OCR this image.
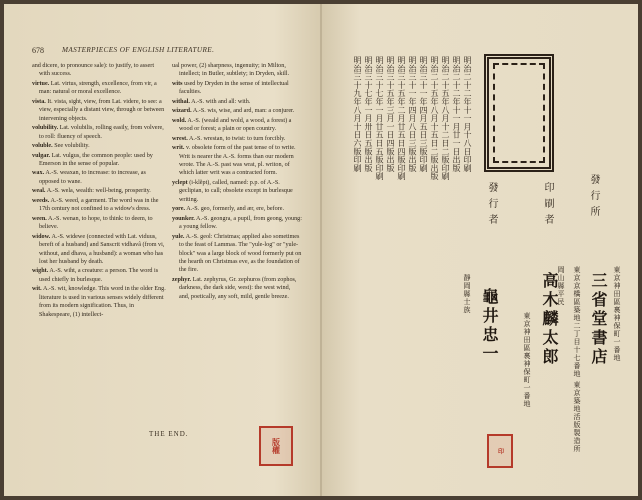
678	MASTERPIECES OF ENGLISH LITERATURE.

and dicere, to pronounce sale): to justify, to assert with success.

virtue. Lat. virtus, strength, excellence, from vir, a man: natural or moral excellence.

vista. It. vista, sight, view, from Lat. videre, to see: a view, especially a distant view, through or between intervening objects.

volubility. Lat. volubilis, rolling easily, from volvere, to roll: fluency of speech.

voluble. See volubility.

vulgar. Lat. vulgus, the common people: used by Emerson in the sense of popular.

wax. A.-S. weaxan, to increase: to increase, as opposed to wane.

weal. A.-S. wela, wealth: well-being, prosperity.

weeds. A.-S. weed, a garment. The word was in the 17th century not confined to a widow's dress.

ween. A.-S. wenan, to hope, to think: to deem, to believe.

widow. A.-S. widewe (connected with Lat. viduus, bereft of a husband) and Sanscrit vidhavâ (from vi, without, and dhava, a husband): a woman who has lost her husband by death.

wight. A.-S. wiht, a creature: a person. The word is used chiefly in burlesque.

wit. A.-S. wit, knowledge. This word in the older Eng. literature is used in various senses widely different from its modern signification. Thus, in Shakespeare, (1) intellect-

ual power, (2) sharpness, ingenuity; in Milton, intellect; in Butler, subtlety; in Dryden, skill.

wits used by Dryden in the sense of intellectual faculties.

withal. A.-S. with and all: with.

wizard. A.-S. wis, wise, and ard, man: a conjurer.

wold. A.-S. (weald and wold, a wood, a forest) a wood or forest; a plain or open country.

wrest. A.-S. wrestan, to twist: to turn forcibly.

writ. v. obsolete form of the past tense of to write. Writ is nearer the A.-S. forms than our modern wrote. The A.-S. past was wrat, pl. writon, of which latter writ was a contracted form.

yclept (i-klĕpt), called, named: p.p. of A.-S. geclipian, to call; obsolete except in burlesque writing.

yore. A.-S. geo, formerly, and ær, ere, before.

younker. A.-S. geongra, a pupil, from geong, young: a young fellow.

yule. A.-S. geol: Christmas; applied also sometimes to the feast of Lammas. The "yule-log" or "yule-block" was a large block of wood formerly put on the hearth on Christmas eve, as the foundation of the fire.

zephyr. Lat. zephyrus, Gr. zephuros (from zophos, darkness, the dark side, west): the west wind, and, poetically, any soft, mild, gentle breeze.

THE END.
版權
明治二十二年十一月十八日印刷
明治二十二年十一月廿一日出版
明治二十五年八月十二日二版印刷
明治二十五年八月十五日二版出版
明治三十一年四月五日三版印刷
明治三十一年四月八日三版出版
明治三十五年二月廿五日四版印刷
明治三十五年三月一日四版出版
明治三十七年一月廿五日五版印刷
明治三十七年一月卅日五版出版
明治三十九年八月十日六版印刷
發行所
印刷者
發行者
東京神田區裏神保町一番地
三省堂書店
東京京橋區築地二丁目十七番地 東京築地活版製造所
高木麟太郎 岡山縣平民
東京神田區裏神保町一番地
龜井忠一
靜岡縣士族
印
